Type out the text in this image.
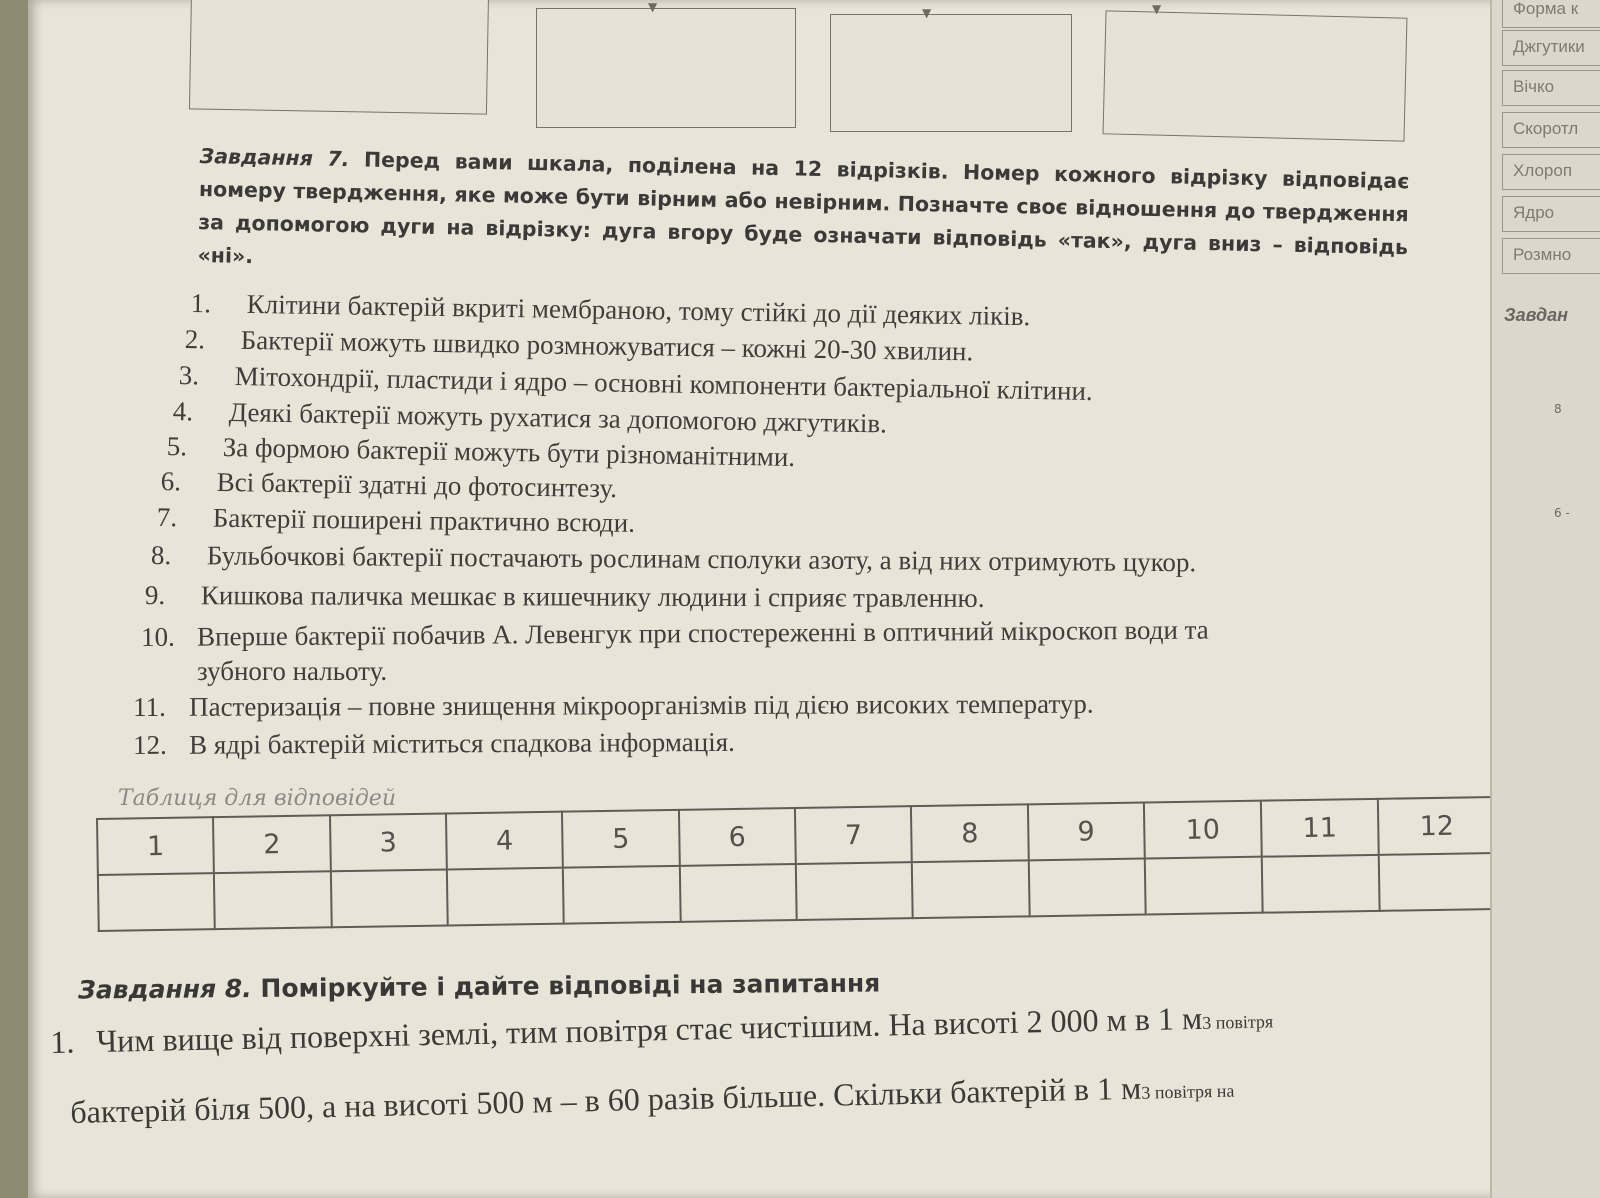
▼	▼	▼
Завдання 7. Перед вами шкала, поділена на 12 відрізків. Номер кожного відрізку відповідає номеру твердження, яке може бути вірним або невірним. Позначте своє відношення до твердження за допомогою дуги на відрізку: дуга вгору буде означати відповідь «так», дуга вниз – відповідь «ні».
1. Клітини бактерій вкриті мембраною, тому стійкі до дії деяких ліків.
2. Бактерії можуть швидко розмножуватися – кожні 20-30 хвилин.
3. Мітохондрії, пластиди і ядро – основні компоненти бактеріальної клітини.
4. Деякі бактерії можуть рухатися за допомогою джгутиків.
5. За формою бактерії можуть бути різноманітними.
6. Всі бактерії здатні до фотосинтезу.
7. Бактерії поширені практично всюди.
8. Бульбочкові бактерії постачають рослинам сполуки азоту, а від них отримують цукор.
9. Кишкова паличка мешкає в кишечнику людини і сприяє травленню.
10. Вперше бактерії побачив А. Левенгук при спостереженні в оптичний мікроскоп води та
зубного нальоту.
11. Пастеризація – повне знищення мікроорганізмів під дією високих температур.
12. В ядрі бактерій міститься спадкова інформація.
Таблиця для відповідей
1	2	3	4	5	6	7	8	9	10	11	12

Завдання 8. Поміркуйте і дайте відповіді на запитання
1. Чим вище від поверхні землі, тим повітря стає чистішим. На висоті 2 000 м в 1 м3 повітря
бактерій біля 500, а на висоті 500 м – в 60 разів більше. Скільки бактерій в 1 м3 повітря на
Форма к
Джгутики
Вічко
Скоротл
Хлороп
Ядро
Розмно
Завдан
8
6 -
